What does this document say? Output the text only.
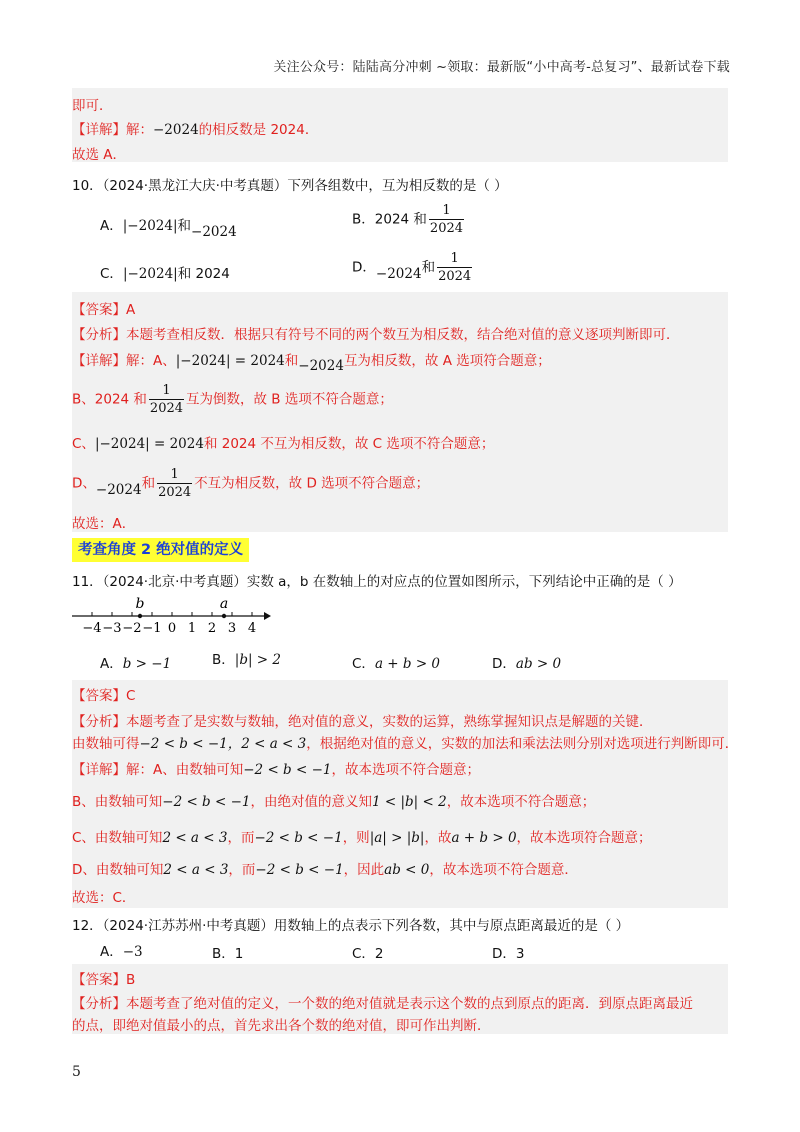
关注公众号：陆陆高分冲刺 ~领取：最新版“小中高考-总复习”、最新试卷下载
即可．
【详解】解：−2024的相反数是 2024．
故选 A．
10．（2024·黑龙江大庆·中考真题）下列各组数中，互为相反数的是（ ）
A．|−2024|和−2024
B．2024 和 $\frac{1}{2024}$
C．|−2024|和 2024	D．−2024和 $\frac{1}{2024}$
【答案】A
【分析】本题考查相反数．根据只有符号不同的两个数互为相反数，结合绝对值的意义逐项判断即可．
【详解】解：A、|−2024| = 2024和−2024互为相反数，故 A 选项符合题意；
B、2024 和 $\frac{1}{2024}$ 互为倒数，故 B 选项不符合题意；
C、|−2024| = 2024和 2024 不互为相反数，故 C 选项不符合题意；
D、−2024和 $\frac{1}{2024}$ 不互为相反数，故 D 选项不符合题意；
故选：A．
考查角度 2 绝对值的定义
11．（2024·北京·中考真题）实数 a，b 在数轴上的对应点的位置如图所示，下列结论中正确的是（ ）
−4 −3 −2 −1 0 1 2 3 4
b	a
A．b > −1	B．|b| > 2	C．a + b > 0	D．ab > 0
【答案】C
【分析】本题考查了是实数与数轴，绝对值的意义，实数的运算，熟练掌握知识点是解题的关键．
由数轴可得−2 < b < −1，2 < a < 3，根据绝对值的意义，实数的加法和乘法法则分别对选项进行判断即可．
【详解】解：A、由数轴可知−2 < b < −1，故本选项不符合题意；
B、由数轴可知−2 < b < −1，由绝对值的意义知1 < |b| < 2，故本选项不符合题意；
C、由数轴可知2 < a < 3，而−2 < b < −1，则|a| > |b|，故a + b > 0，故本选项符合题意；
D、由数轴可知2 < a < 3，而−2 < b < −1，因此ab < 0，故本选项不符合题意．
故选：C．
12．（2024·江苏苏州·中考真题）用数轴上的点表示下列各数，其中与原点距离最近的是（ ）
A．−3	B．1	C．2	D．3
【答案】B
【分析】本题考查了绝对值的定义，一个数的绝对值就是表示这个数的点到原点的距离．到原点距离最近
的点，即绝对值最小的点，首先求出各个数的绝对值，即可作出判断．
5
